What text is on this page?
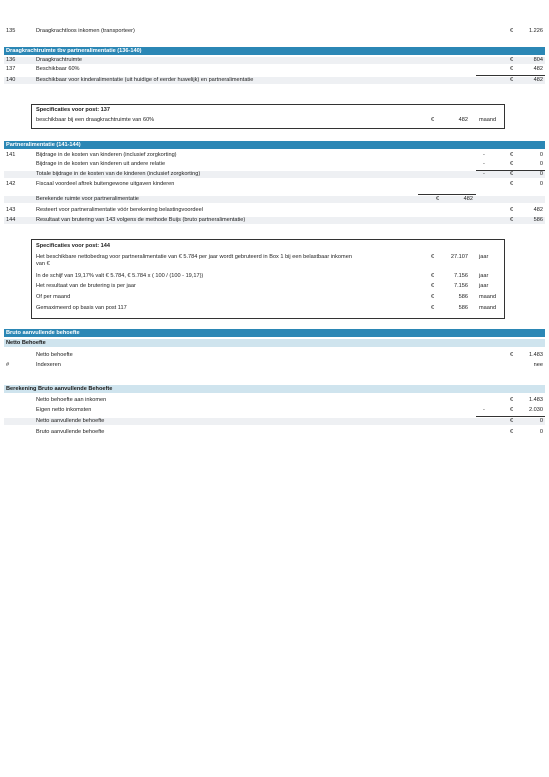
135	Draagkrachtloos inkomen (transporteer)	€	1.226
Draagkrachtruimte tbv partneralimentatie (136-140)
136	Draagkrachtruimte	€	804
137	Beschikbaar 60%	€	482
140	Beschikbaar voor kinderalimentatie (uit huidige of eerder huwelijk) en partneralimentatie	€	482
Specificaties voor post: 137
beschikbaar bij een draagkrachtruimte van 60%	€	482 maand
Partneralimentatie (141-144)
141	Bijdrage in de kosten van kinderen (inclusief zorgkorting)	-	€	0
Bijdrage in de kosten van kinderen uit andere relatie	-	€	0
Totale bijdrage in de kosten van de kinderen (inclusief zorgkorting)	-	€	0
142	Fiscaal voordeel aftrek buitengewone uitgaven kinderen	€	0
Berekende ruimte voor partneralimentatie	€	482
143	Resteert voor partneralimentatie vóór berekening belastingvoordeel	€	482
144	Resultaat van brutering van 143 volgens de methode Buijs (bruto partneralimentatie)	€	586
Specificaties voor post: 144
Het beschikbare nettobedrag voor partneralimentatie van € 5.784 per jaar wordt gebruteerd in Box 1 bij een belastbaar inkomen	€	27.107 jaar
van €
In de schijf van 19,17% valt € 5.784, € 5.784 x ( 100 / (100 - 19,17))	€	7.156 jaar
Het resultaat van de brutering is per jaar	€	7.156 jaar
Of per maand	€	586 maand
Gemaximeerd op basis van post 117	€	586 maand
Bruto aanvullende behoefte
Netto Behoefte
Netto behoefte	€	1.483
#	Indexeren	nee
Berekening Bruto aanvullende Behoefte
Netto behoefte aan inkomen	€	1.483
Eigen netto inkomsten	-	€	2.030
Netto aanvullende behoefte	€	0
Bruto aanvullende behoefte	€	0
